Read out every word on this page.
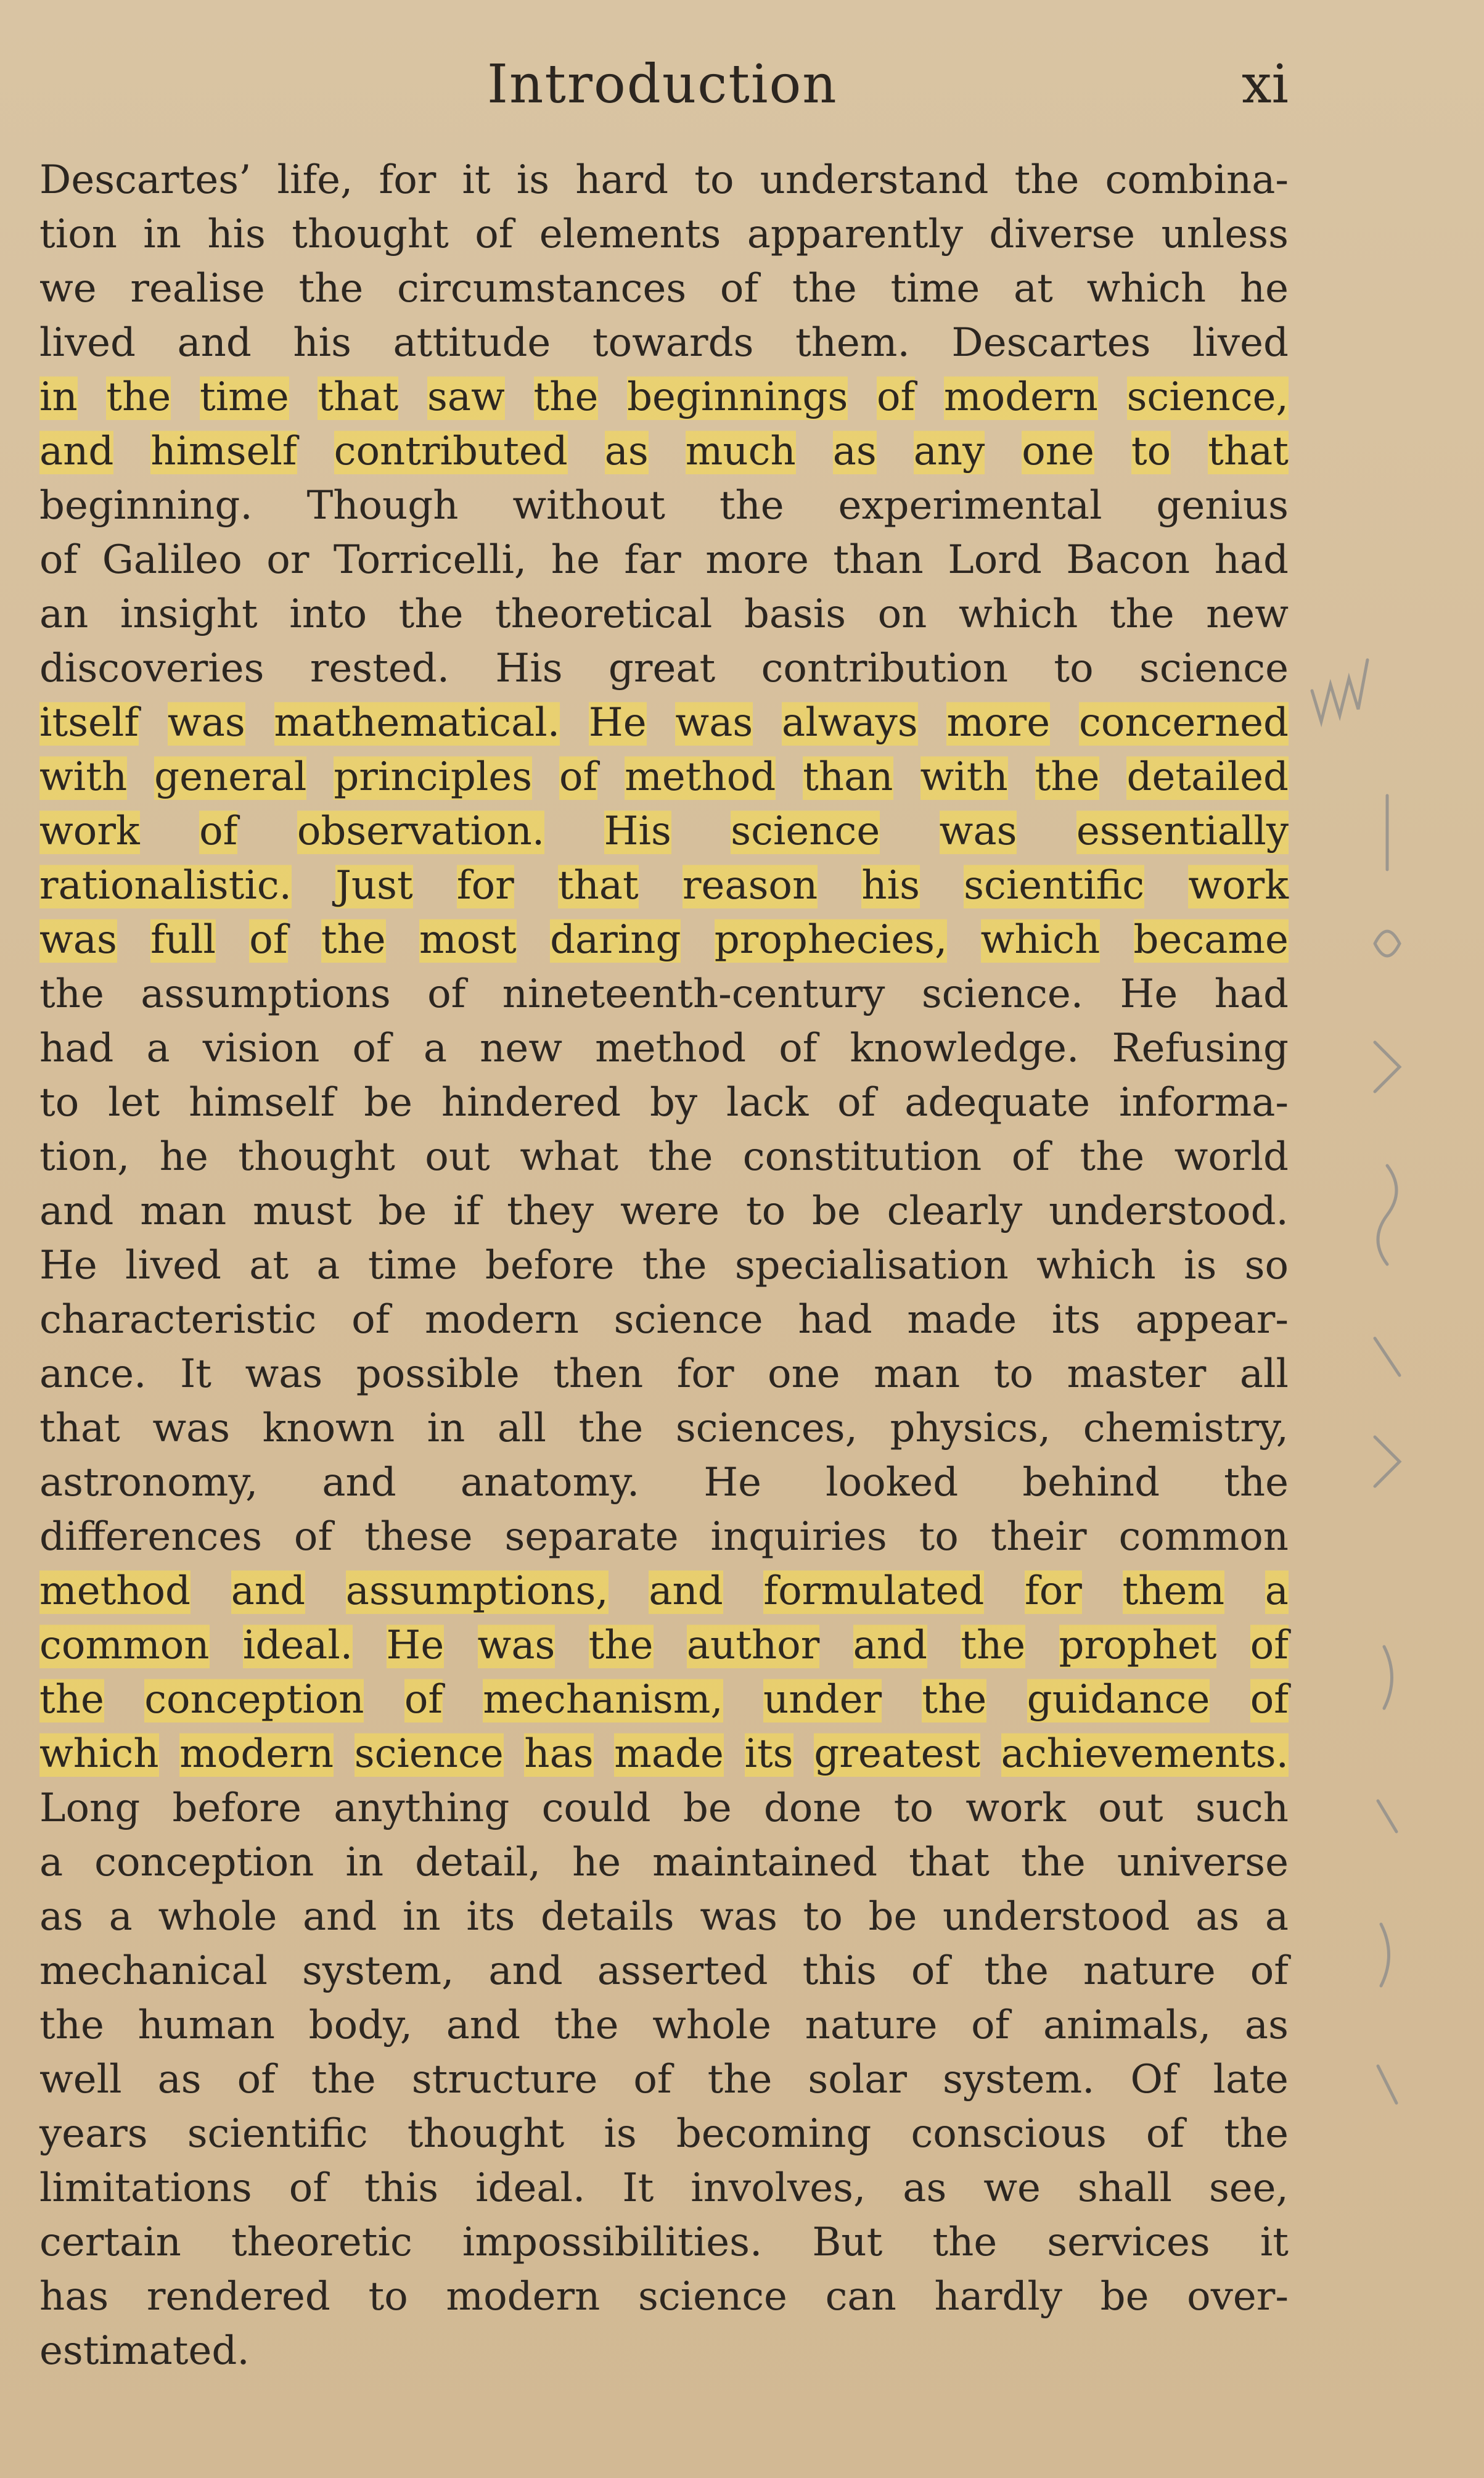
Introduction	xi
Descartes’ life, for it is hard to understand the combina-
tion in his thought of elements apparently diverse unless
we realise the circumstances of the time at which he
lived and his attitude towards them. Descartes lived
in the time that saw the beginnings of modern science,
and himself contributed as much as any one to that
beginning. Though without the experimental genius
of Galileo or Torricelli, he far more than Lord Bacon had
an insight into the theoretical basis on which the new
discoveries rested. His great contribution to science
itself was mathematical. He was always more concerned
with general principles of method than with the detailed
work of observation. His science was essentially
rationalistic. Just for that reason his scientific work
was full of the most daring prophecies, which became
the assumptions of nineteenth-century science. He had
had a vision of a new method of knowledge. Refusing
to let himself be hindered by lack of adequate informa-
tion, he thought out what the constitution of the world
and man must be if they were to be clearly understood.
He lived at a time before the specialisation which is so
characteristic of modern science had made its appear-
ance. It was possible then for one man to master all
that was known in all the sciences, physics, chemistry,
astronomy, and anatomy. He looked behind the
differences of these separate inquiries to their common
method and assumptions, and formulated for them a
common ideal. He was the author and the prophet of
the conception of mechanism, under the guidance of
which modern science has made its greatest achievements.
Long before anything could be done to work out such
a conception in detail, he maintained that the universe
as a whole and in its details was to be understood as a
mechanical system, and asserted this of the nature of
the human body, and the whole nature of animals, as
well as of the structure of the solar system. Of late
years scientific thought is becoming conscious of the
limitations of this ideal. It involves, as we shall see,
certain theoretic impossibilities. But the services it
has rendered to modern science can hardly be over-
estimated.
